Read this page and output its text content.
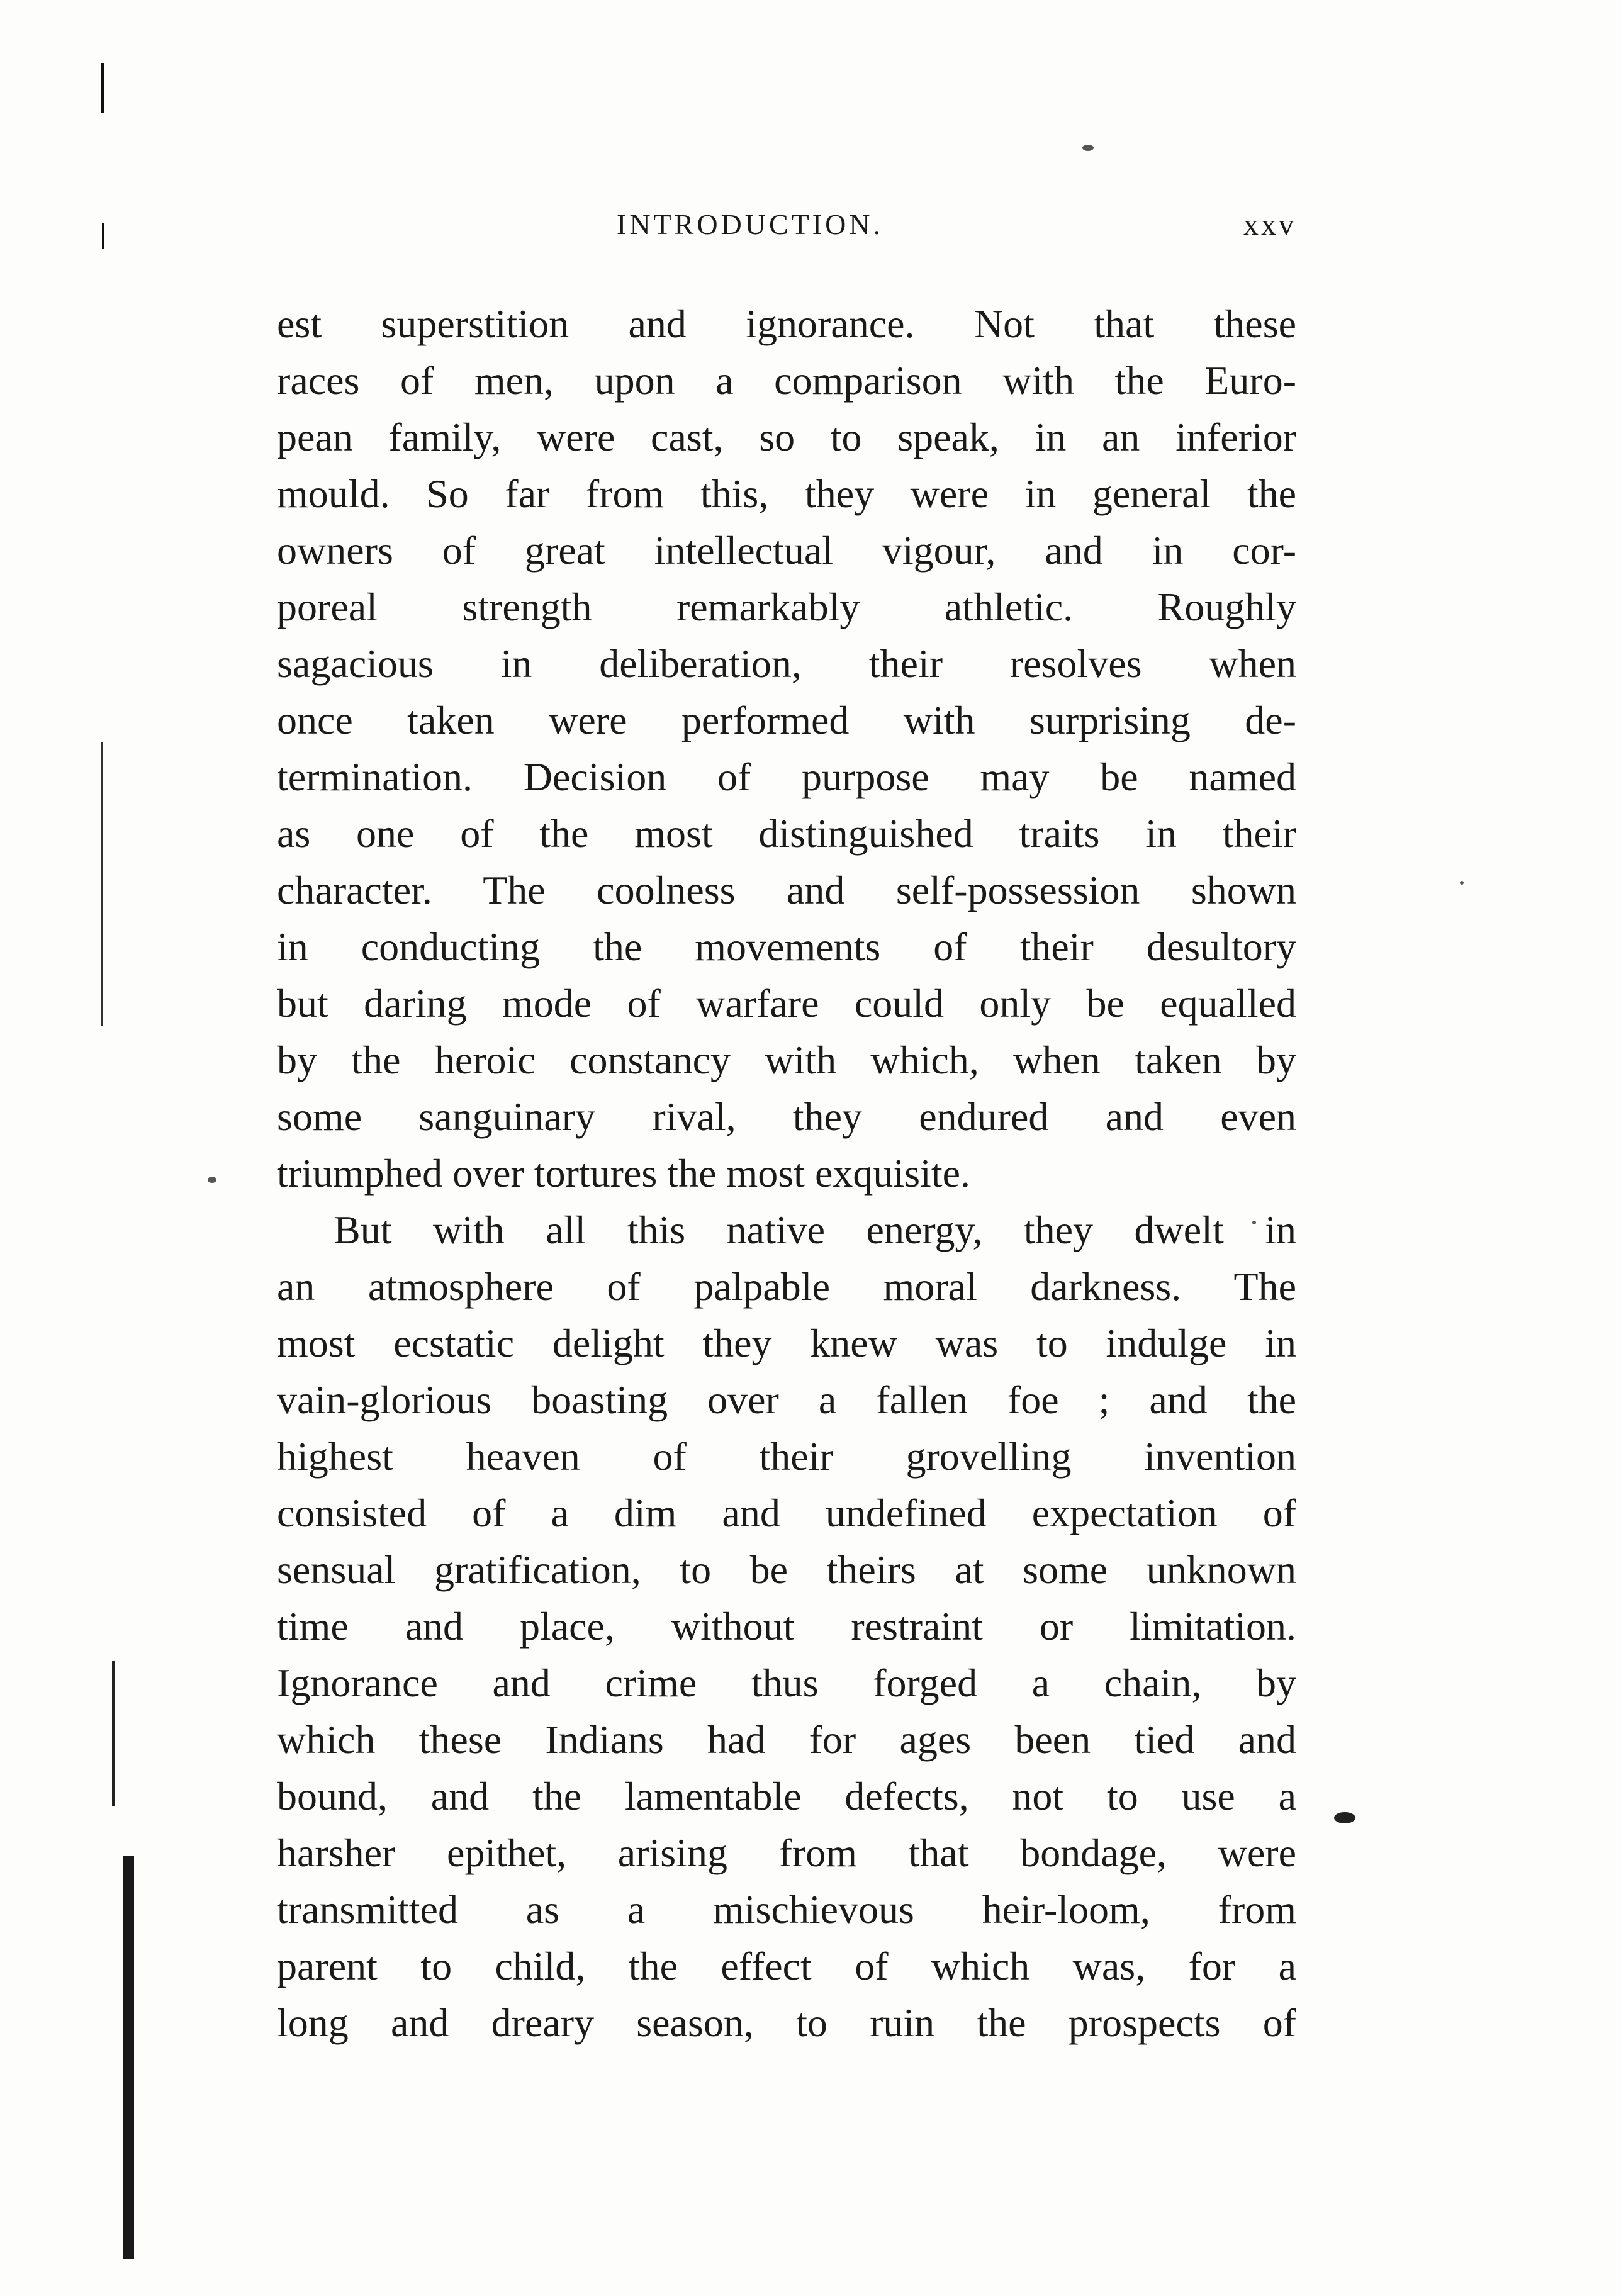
INTRODUCTION.	xxv
est superstition and ignorance. Not that these
races of men, upon a comparison with the Euro-
pean family, were cast, so to speak, in an inferior
mould. So far from this, they were in general the
owners of great intellectual vigour, and in cor-
poreal strength remarkably athletic. Roughly
sagacious in deliberation, their resolves when
once taken were performed with surprising de-
termination. Decision of purpose may be named
as one of the most distinguished traits in their
character. The coolness and self-possession shown
in conducting the movements of their desultory
but daring mode of warfare could only be equalled
by the heroic constancy with which, when taken by
some sanguinary rival, they endured and even
triumphed over tortures the most exquisite.
But with all this native energy, they dwelt in
an atmosphere of palpable moral darkness. The
most ecstatic delight they knew was to indulge in
vain-glorious boasting over a fallen foe ; and the
highest heaven of their grovelling invention
consisted of a dim and undefined expectation of
sensual gratification, to be theirs at some unknown
time and place, without restraint or limitation.
Ignorance and crime thus forged a chain, by
which these Indians had for ages been tied and
bound, and the lamentable defects, not to use a
harsher epithet, arising from that bondage, were
transmitted as a mischievous heir-loom, from
parent to child, the effect of which was, for a
long and dreary season, to ruin the prospects of
